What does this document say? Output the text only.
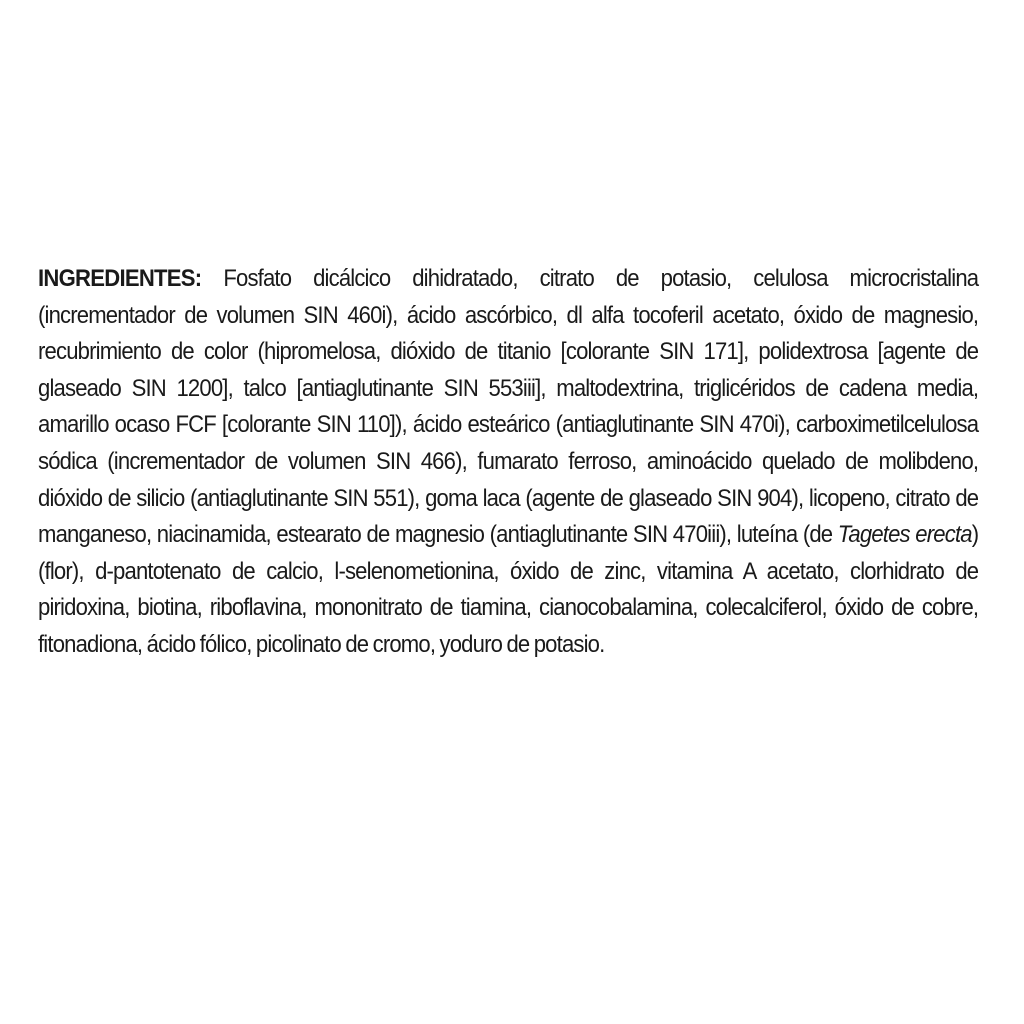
INGREDIENTES: Fosfato dicálcico dihidratado, citrato de potasio, celulosa microcristalina (incrementador de volumen SIN 460i), ácido ascórbico, dl alfa tocoferil acetato, óxido de magnesio, recubrimiento de color (hipromelosa, dióxido de titanio [colorante SIN 171], polidextrosa [agente de glaseado SIN 1200], talco [antiaglutinante SIN 553iii], maltodextrina, triglicéridos de cadena media, amarillo ocaso FCF [colorante SIN 110]), ácido esteárico (antiaglutinante SIN 470i), carboximetilcelulosa sódica (incrementador de volumen SIN 466), fumarato ferroso, aminoácido quelado de molibdeno, dióxido de silicio (antiaglutinante SIN 551), goma laca (agente de glaseado SIN 904), licopeno, citrato de manganeso, niacinamida, estearato de magnesio (antiaglutinante SIN 470iii), luteína (de Tagetes erecta) (flor), d-pantotenato de calcio, l-selenometionina, óxido de zinc, vitamina A acetato, clorhidrato de piridoxina, biotina, riboflavina, mononitrato de tiamina, cianocobalamina, colecalciferol, óxido de cobre, fitonadiona, ácido fólico, picolinato de cromo, yoduro de potasio.
